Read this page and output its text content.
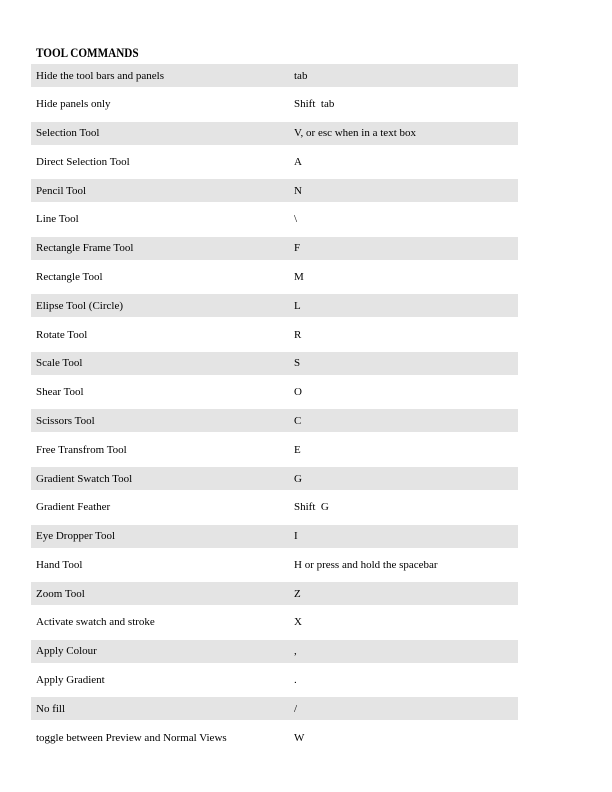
TOOL COMMANDS
Hide the tool bars and panels	tab
Hide panels only	Shift  tab
Selection Tool	V, or esc when in a text box
Direct Selection Tool	A
Pencil Tool	N
Line Tool	\
Rectangle Frame Tool	F
Rectangle Tool	M
Elipse Tool (Circle)	L
Rotate Tool	R
Scale Tool	S
Shear Tool	O
Scissors Tool	C
Free Transfrom Tool	E
Gradient Swatch Tool	G
Gradient Feather	Shift  G
Eye Dropper Tool	I
Hand Tool	H or press and hold the spacebar
Zoom Tool	Z
Activate swatch and stroke	X
Apply Colour	,
Apply Gradient	.
No fill	/
toggle between Preview and Normal Views	W
